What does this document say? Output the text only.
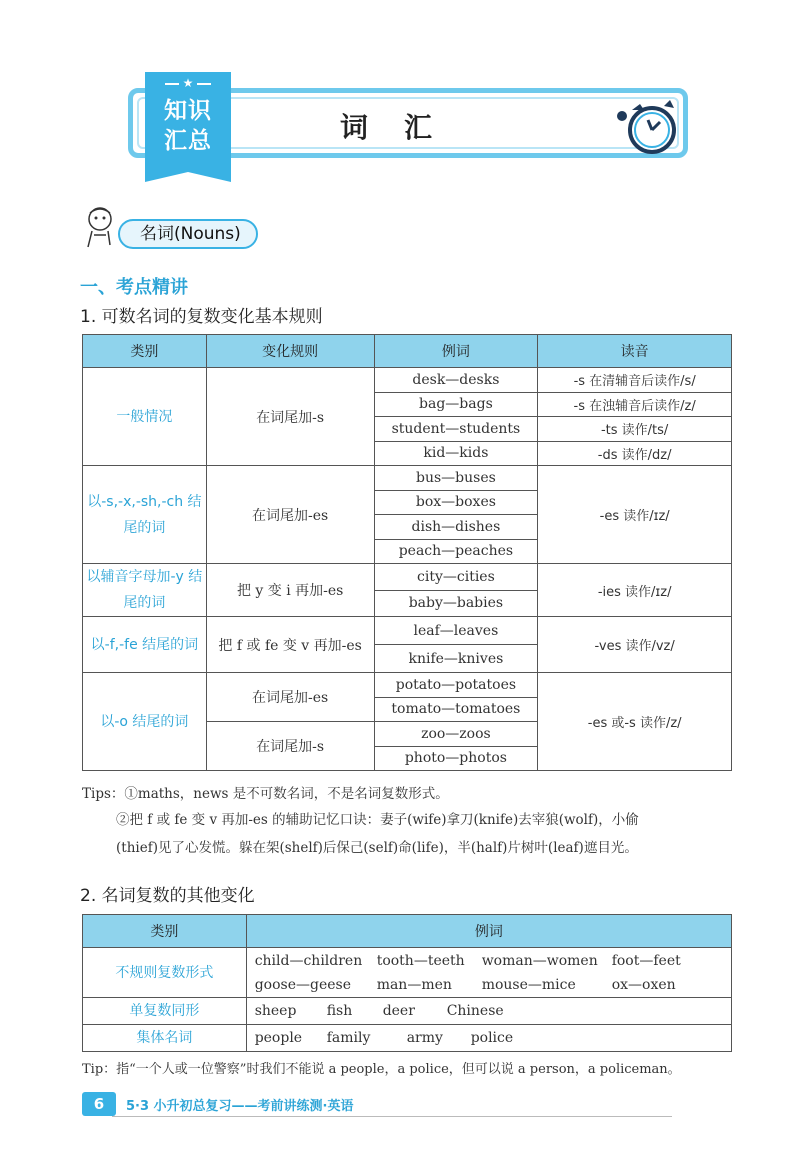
★
知识
汇总	词汇
名词(Nouns)
一、考点精讲
1. 可数名词的复数变化基本规则
类别	变化规则	例词	读音
一般情况	在词尾加-s	desk—desks	-s 在清辅音后读作/s/
		bag—bags	-s 在浊辅音后读作/z/
		student—students	-ts 读作/ts/
		kid—kids	-ds 读作/dz/
以-s,-x,-sh,-ch 结尾的词	在词尾加-es	bus—buses	-es 读作/ɪz/
		box—boxes	
		dish—dishes	
		peach—peaches	
以辅音字母加-y 结尾的词	把 y 变 i 再加-es	city—cities	-ies 读作/ɪz/
		baby—babies	
以-f,-fe 结尾的词	把 f 或 fe 变 v 再加-es	leaf—leaves	-ves 读作/vz/
		knife—knives	
以-o 结尾的词	在词尾加-es	potato—potatoes	-es 或-s 读作/z/
		tomato—tomatoes	
	在词尾加-s	zoo—zoos	
		photo—photos	
Tips：①maths，news 是不可数名词，不是名词复数形式。
②把 f 或 fe 变 v 再加-es 的辅助记忆口诀：妻子(wife)拿刀(knife)去宰狼(wolf)，小偷
(thief)见了心发慌。躲在架(shelf)后保己(self)命(life)，半(half)片树叶(leaf)遮目光。
2. 名词复数的其他变化
类别	例词
不规则复数形式	child—children tooth—teeth woman—women foot—feet
goose—geese man—men mouse—mice ox—oxen

单复数同形	sheep fish deer Chinese
集体名词	people family army police
Tip：指“一个人或一位警察”时我们不能说 a people，a police，但可以说 a person，a policeman。
6	5·3 小升初总复习——考前讲练测·英语
